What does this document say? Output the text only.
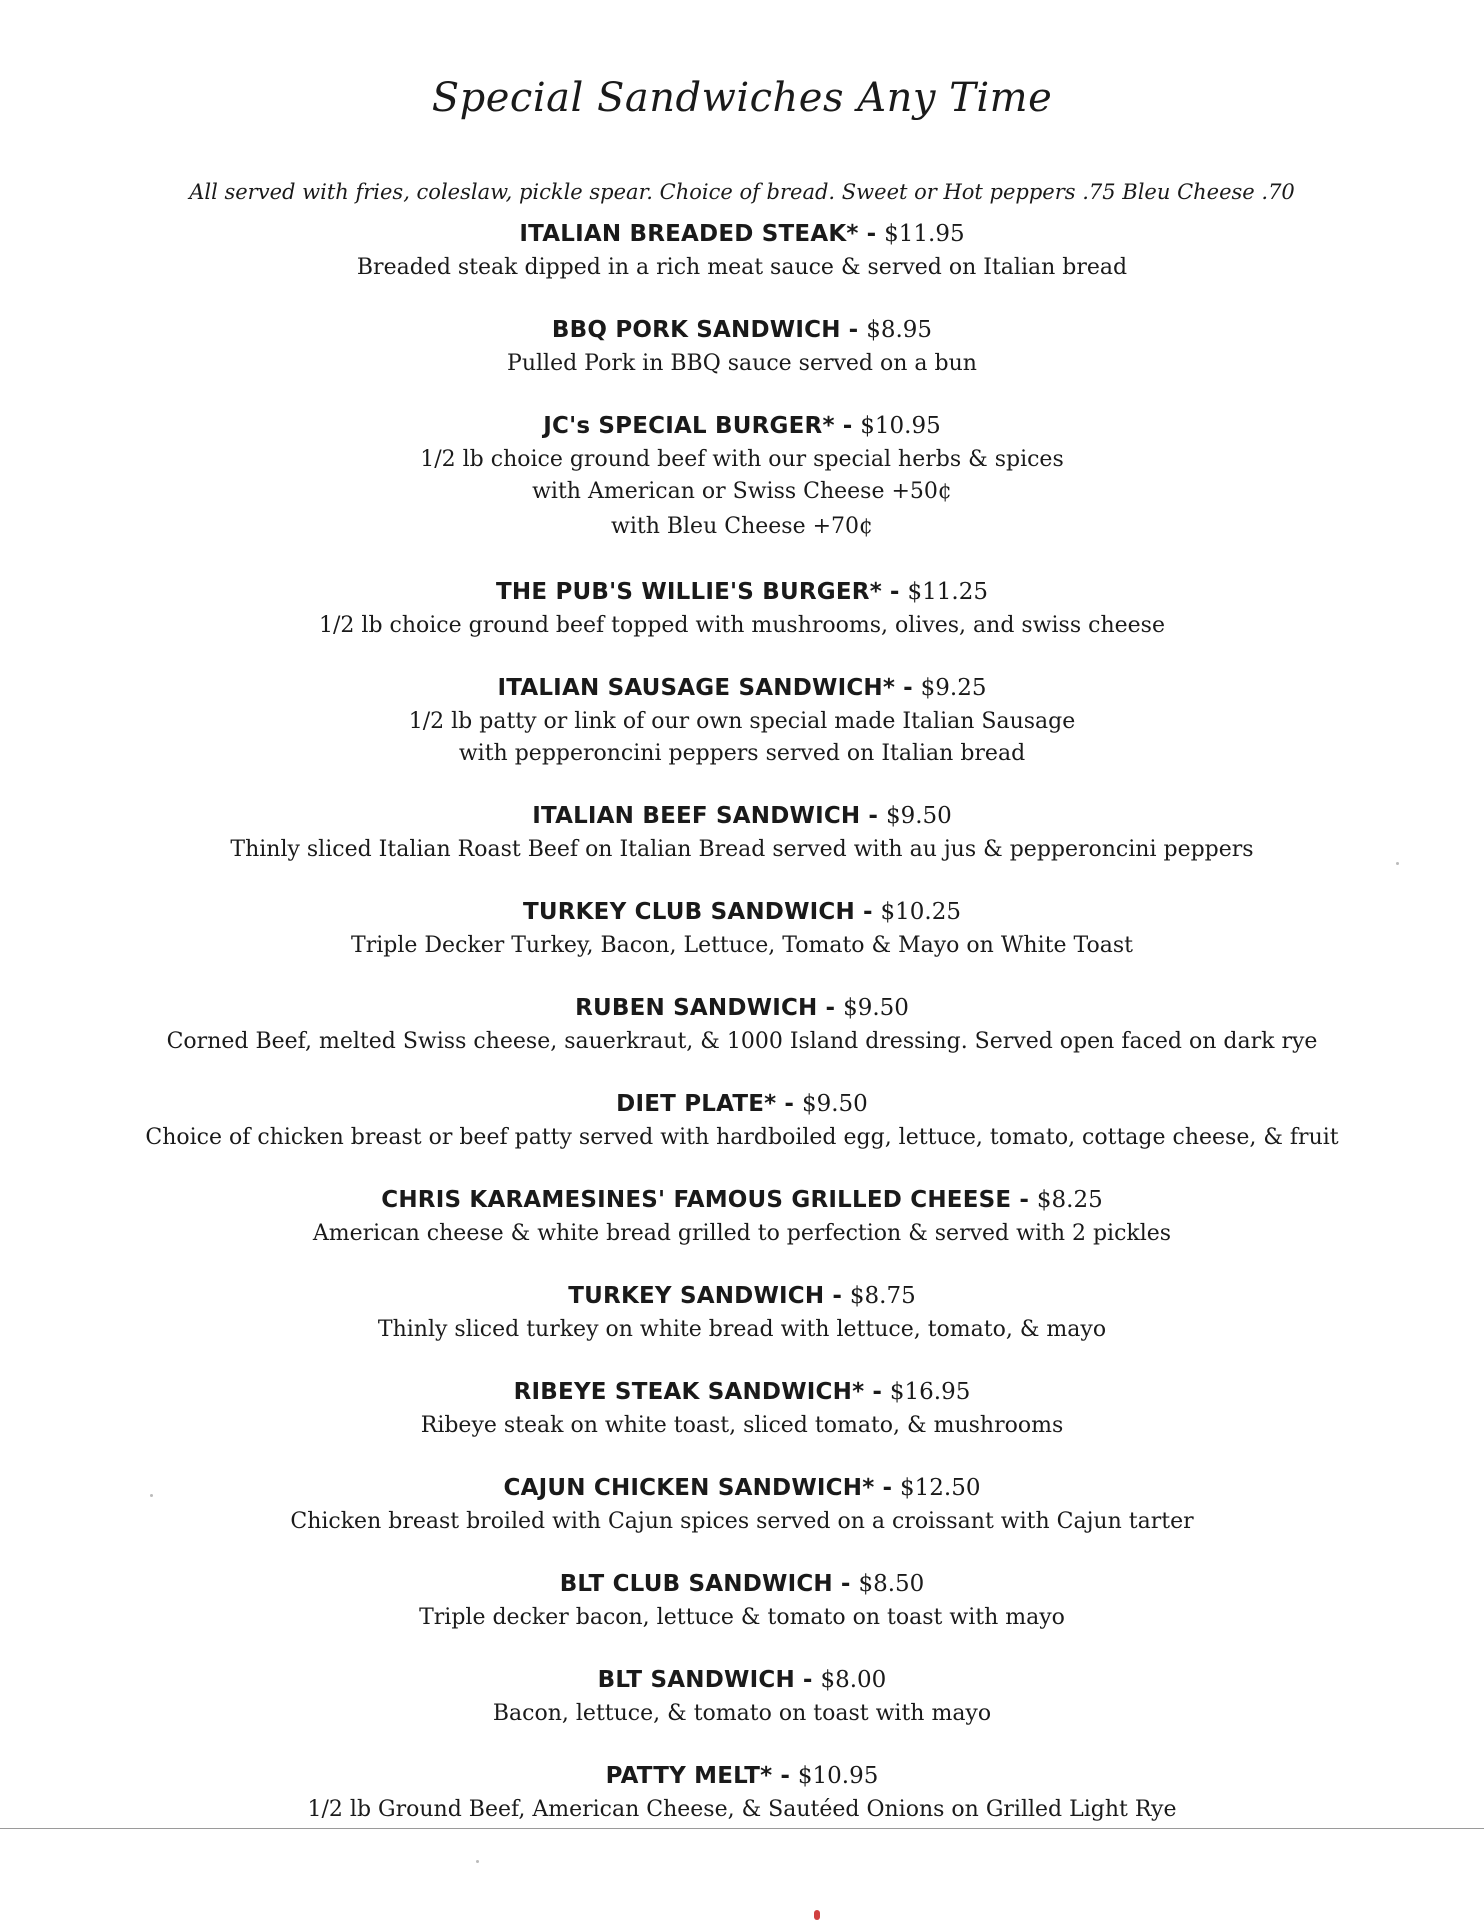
Special Sandwiches Any Time

All served with fries, coleslaw, pickle spear. Choice of bread. Sweet or Hot peppers .75 Bleu Cheese .70

ITALIAN BREADED STEAK* - $11.95

Breaded steak dipped in a rich meat sauce & served on Italian bread

BBQ PORK SANDWICH - $8.95

Pulled Pork in BBQ sauce served on a bun

JC's SPECIAL BURGER* - $10.95

1/2 lb choice ground beef with our special herbs & spices

with American or Swiss Cheese +50¢

with Bleu Cheese +70¢

THE PUB'S WILLIE'S BURGER* - $11.25

1/2 lb choice ground beef topped with mushrooms, olives, and swiss cheese

ITALIAN SAUSAGE SANDWICH* - $9.25

1/2 lb patty or link of our own special made Italian Sausage

with pepperoncini peppers served on Italian bread

ITALIAN BEEF SANDWICH - $9.50

Thinly sliced Italian Roast Beef on Italian Bread served with au jus & pepperoncini peppers

TURKEY CLUB SANDWICH - $10.25

Triple Decker Turkey, Bacon, Lettuce, Tomato & Mayo on White Toast

RUBEN SANDWICH - $9.50

Corned Beef, melted Swiss cheese, sauerkraut, & 1000 Island dressing. Served open faced on dark rye

DIET PLATE* - $9.50

Choice of chicken breast or beef patty served with hardboiled egg, lettuce, tomato, cottage cheese, & fruit

CHRIS KARAMESINES' FAMOUS GRILLED CHEESE - $8.25

American cheese & white bread grilled to perfection & served with 2 pickles

TURKEY SANDWICH - $8.75

Thinly sliced turkey on white bread with lettuce, tomato, & mayo

RIBEYE STEAK SANDWICH* - $16.95

Ribeye steak on white toast, sliced tomato, & mushrooms

CAJUN CHICKEN SANDWICH* - $12.50

Chicken breast broiled with Cajun spices served on a croissant with Cajun tarter

BLT CLUB SANDWICH - $8.50

Triple decker bacon, lettuce & tomato on toast with mayo

BLT SANDWICH - $8.00

Bacon, lettuce, & tomato on toast with mayo

PATTY MELT* - $10.95

1/2 lb Ground Beef, American Cheese, & Sautéed Onions on Grilled Light Rye
